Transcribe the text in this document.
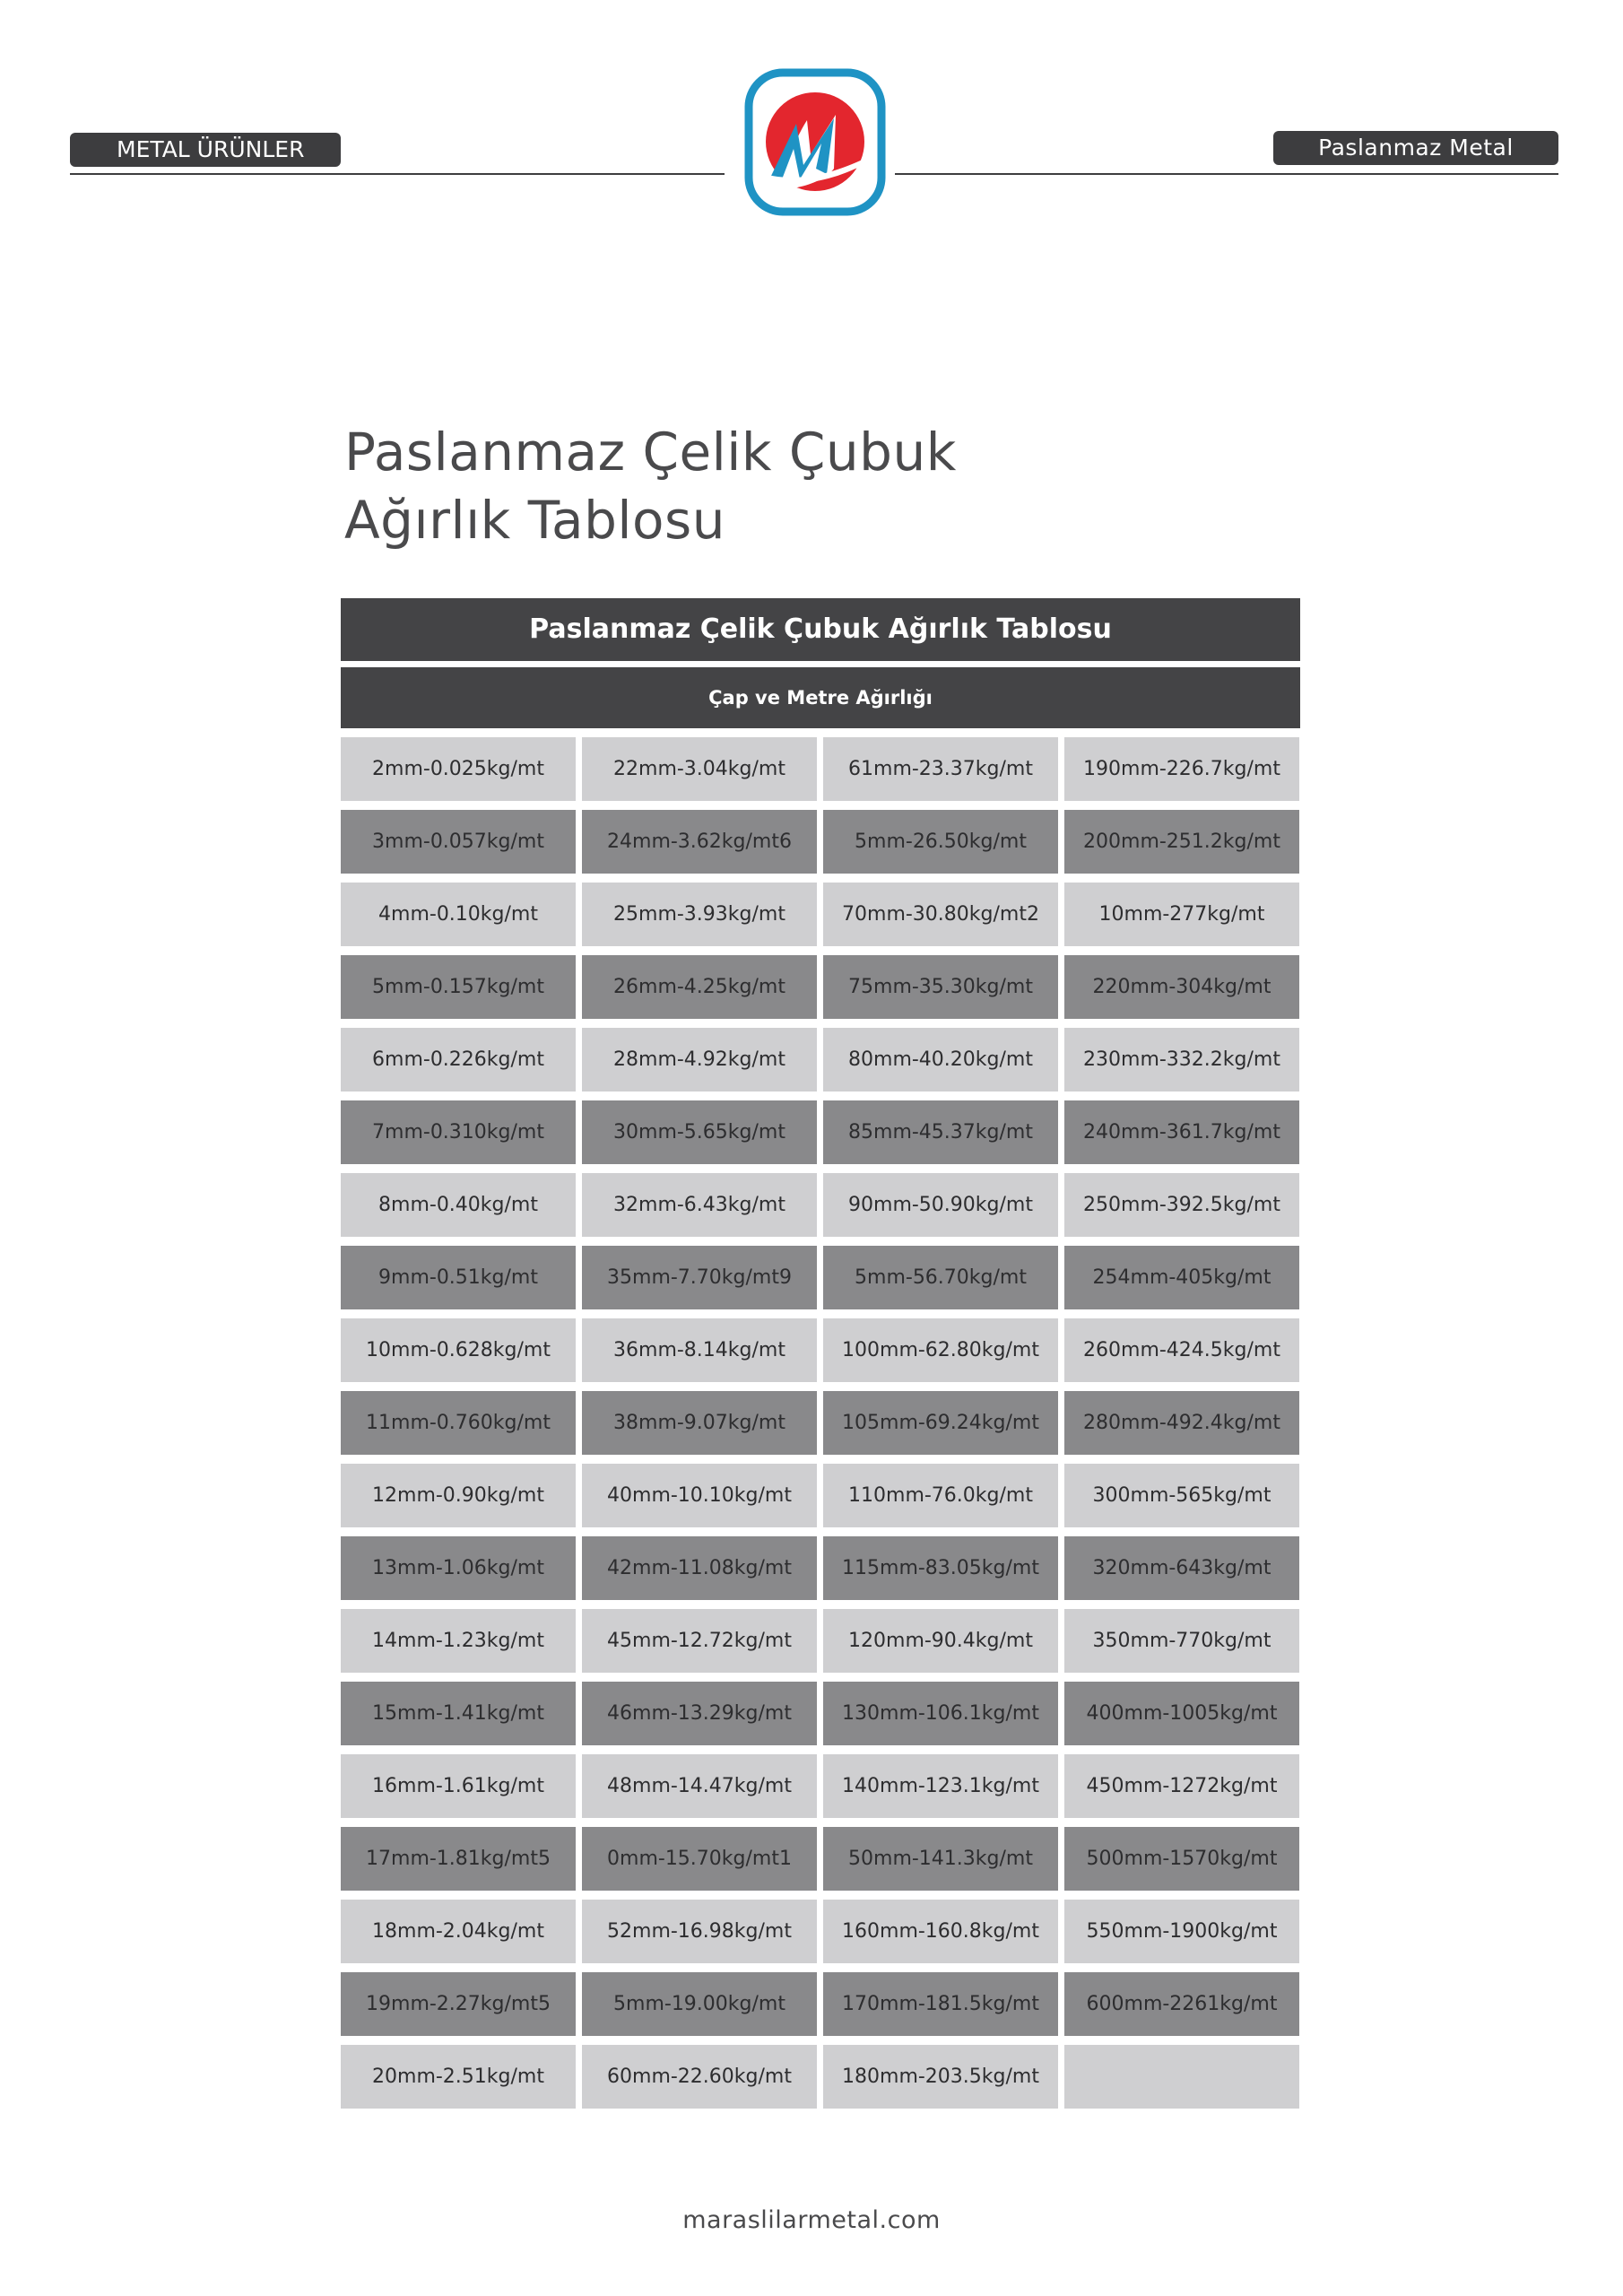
METAL ÜRÜNLER	Paslanmaz Metal
Paslanmaz Çelik Çubuk
Ağırlık Tablosu
Paslanmaz Çelik Çubuk Ağırlık Tablosu
Çap ve Metre Ağırlığı
2mm-0.025kg/mt	22mm-3.04kg/mt	61mm-23.37kg/mt	190mm-226.7kg/mt
3mm-0.057kg/mt	24mm-3.62kg/mt6	5mm-26.50kg/mt	200mm-251.2kg/mt
4mm-0.10kg/mt	25mm-3.93kg/mt	70mm-30.80kg/mt2	10mm-277kg/mt
5mm-0.157kg/mt	26mm-4.25kg/mt	75mm-35.30kg/mt	220mm-304kg/mt
6mm-0.226kg/mt	28mm-4.92kg/mt	80mm-40.20kg/mt	230mm-332.2kg/mt
7mm-0.310kg/mt	30mm-5.65kg/mt	85mm-45.37kg/mt	240mm-361.7kg/mt
8mm-0.40kg/mt	32mm-6.43kg/mt	90mm-50.90kg/mt	250mm-392.5kg/mt
9mm-0.51kg/mt	35mm-7.70kg/mt9	5mm-56.70kg/mt	254mm-405kg/mt
10mm-0.628kg/mt	36mm-8.14kg/mt	100mm-62.80kg/mt	260mm-424.5kg/mt
11mm-0.760kg/mt	38mm-9.07kg/mt	105mm-69.24kg/mt	280mm-492.4kg/mt
12mm-0.90kg/mt	40mm-10.10kg/mt	110mm-76.0kg/mt	300mm-565kg/mt
13mm-1.06kg/mt	42mm-11.08kg/mt	115mm-83.05kg/mt	320mm-643kg/mt
14mm-1.23kg/mt	45mm-12.72kg/mt	120mm-90.4kg/mt	350mm-770kg/mt
15mm-1.41kg/mt	46mm-13.29kg/mt	130mm-106.1kg/mt	400mm-1005kg/mt
16mm-1.61kg/mt	48mm-14.47kg/mt	140mm-123.1kg/mt	450mm-1272kg/mt
17mm-1.81kg/mt5	0mm-15.70kg/mt1	50mm-141.3kg/mt	500mm-1570kg/mt
18mm-2.04kg/mt	52mm-16.98kg/mt	160mm-160.8kg/mt	550mm-1900kg/mt
19mm-2.27kg/mt5	5mm-19.00kg/mt	170mm-181.5kg/mt	600mm-2261kg/mt
20mm-2.51kg/mt	60mm-22.60kg/mt	180mm-203.5kg/mt
maraslilarmetal.com
